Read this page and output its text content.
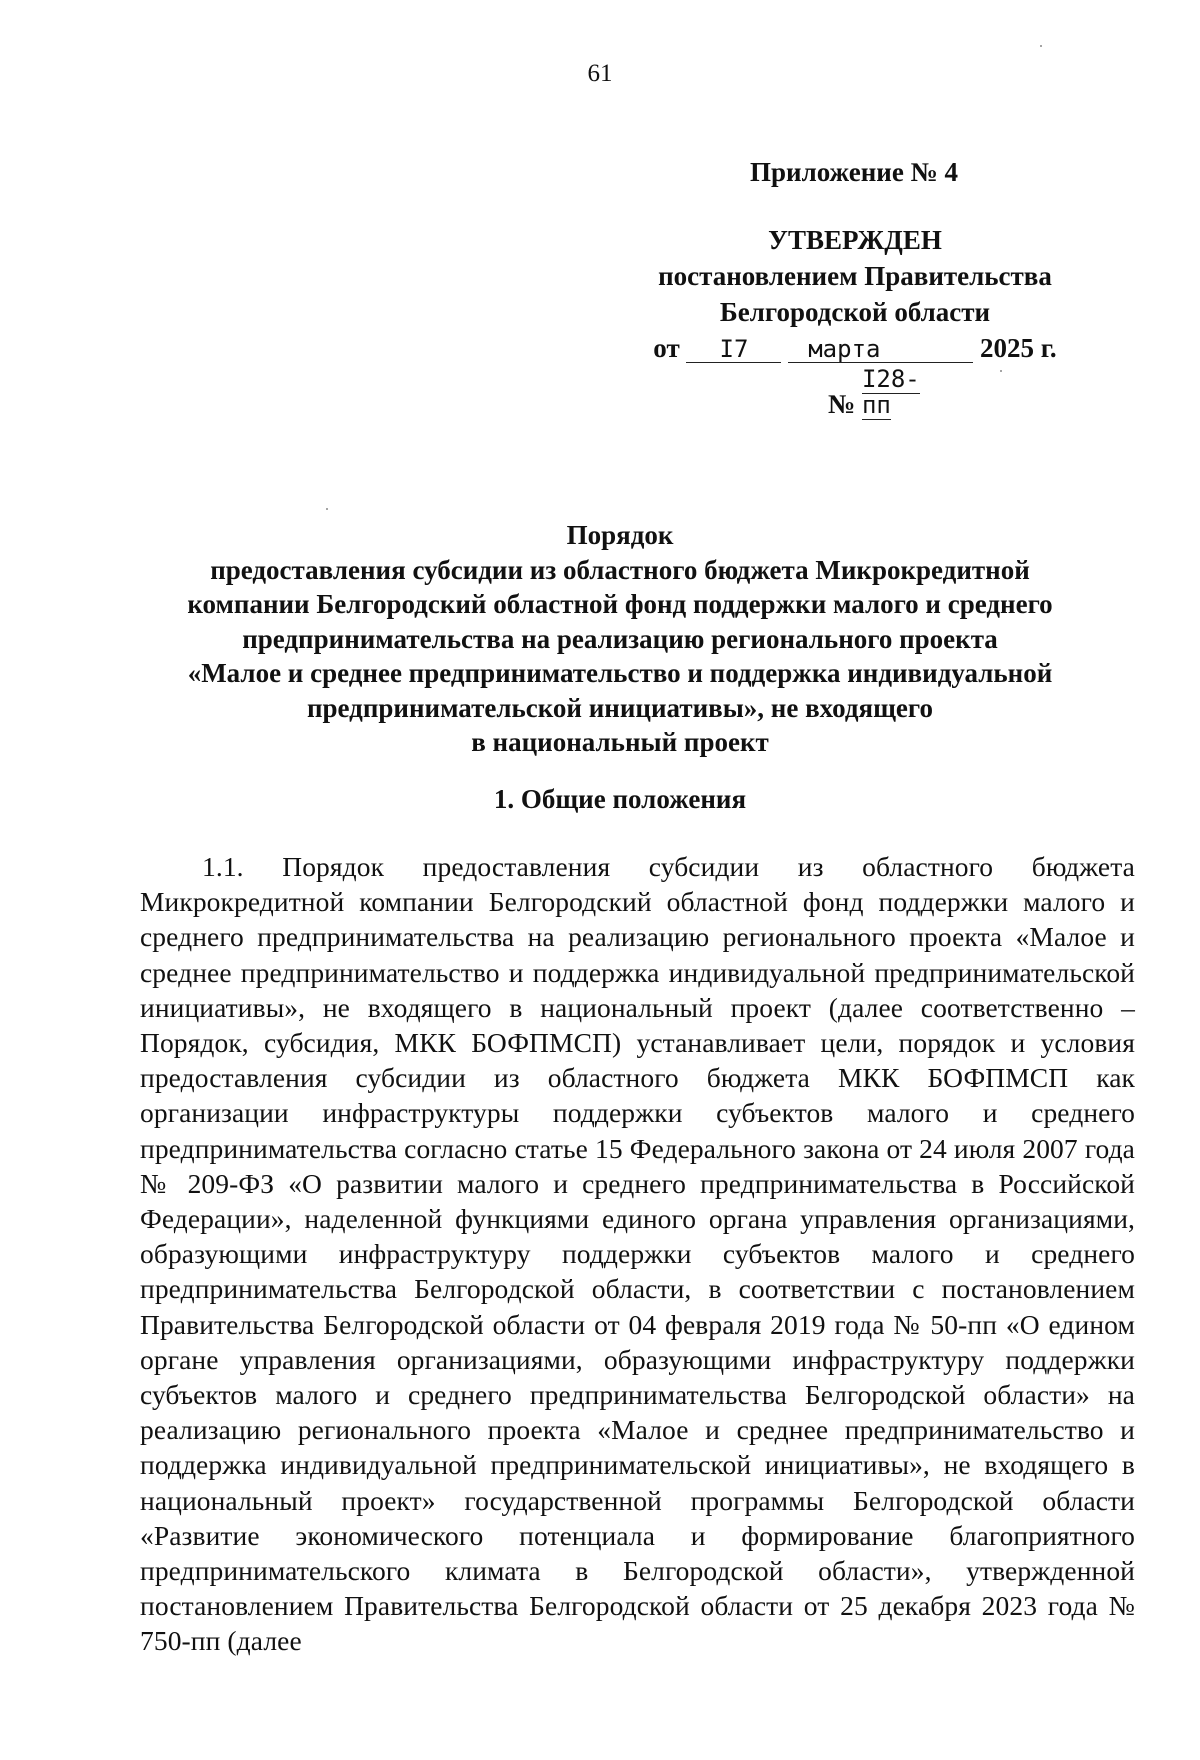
61
Приложение № 4
УТВЕРЖДЕН
постановлением Правительства
Белгородской области
от I7 марта	2025 г.
№ I28-пп
Порядок
предоставления субсидии из областного бюджета Микрокредитной
компании Белгородский областной фонд поддержки малого и среднего
предпринимательства на реализацию регионального проекта
«Малое и среднее предпринимательство и поддержка индивидуальной
предпринимательской инициативы», не входящего
в национальный проект
1. Общие положения
1.1. Порядок предоставления субсидии из областного бюджета Микрокредитной компании Белгородский областной фонд поддержки малого и среднего предпринимательства на реализацию регионального проекта «Малое и среднее предпринимательство и поддержка индивидуальной предпринимательской инициативы», не входящего в национальный проект (далее соответственно – Порядок, субсидия, МКК БОФПМСП) устанавливает цели, порядок и условия предоставления субсидии из областного бюджета МКК БОФПМСП как организации инфраструктуры поддержки субъектов малого и среднего предпринимательства согласно статье 15 Федерального закона от 24 июля 2007 года № 209-ФЗ «О развитии малого и среднего предпринимательства в Российской Федерации», наделенной функциями единого органа управления организациями, образующими инфраструктуру поддержки субъектов малого и среднего предпринимательства Белгородской области, в соответствии с постановлением Правительства Белгородской области от 04 февраля 2019 года № 50-пп «О едином органе управления организациями, образующими инфраструктуру поддержки субъектов малого и среднего предпринимательства Белгородской области» на реализацию регионального проекта «Малое и среднее предпринимательство и поддержка индивидуальной предпринимательской инициативы», не входящего в национальный проект» государственной программы Белгородской области «Развитие экономического потенциала и формирование благоприятного предпринимательского климата в Белгородской области», утвержденной постановлением Правительства Белгородской области от 25 декабря 2023 года № 750-пп (далее
